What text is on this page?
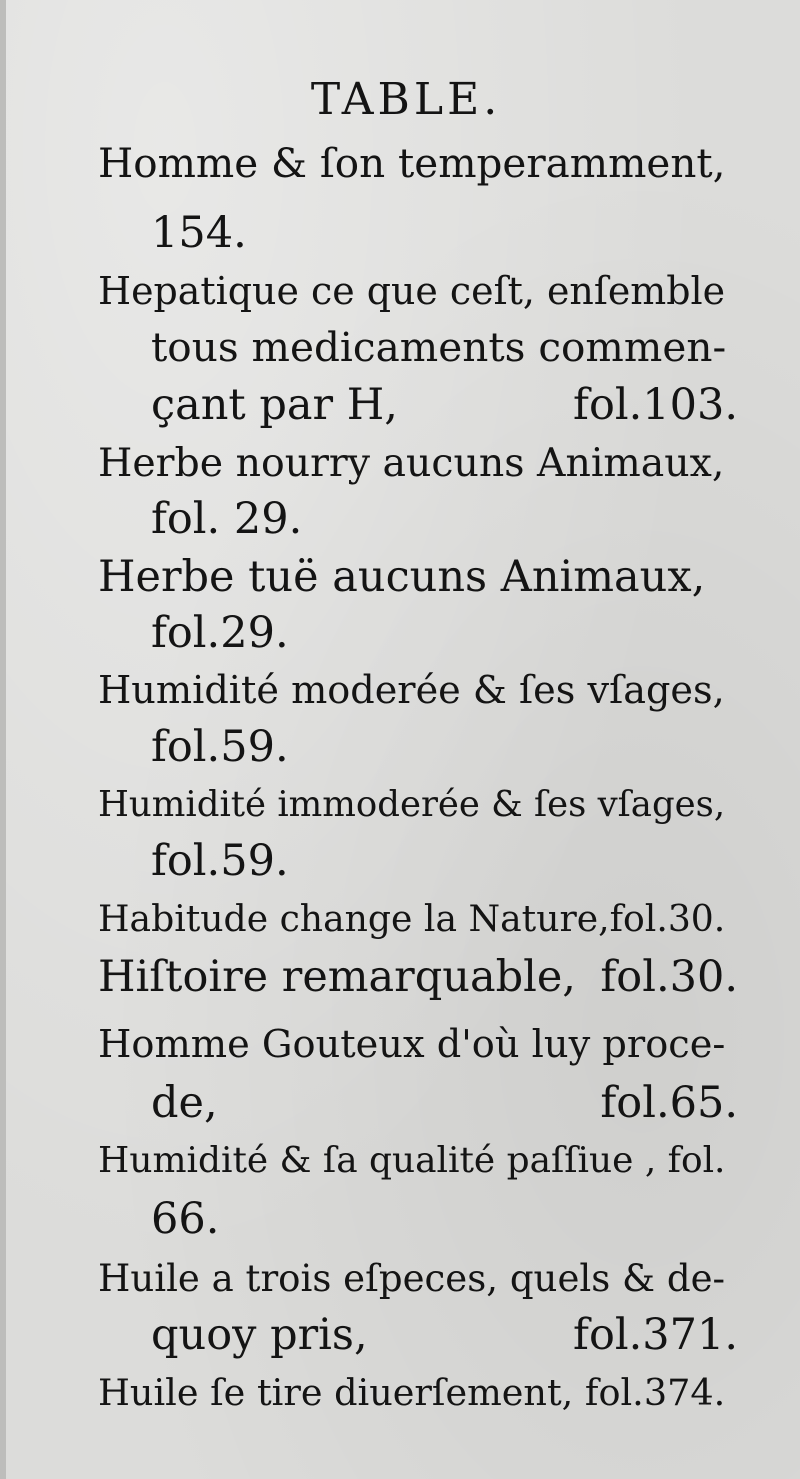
TABLE.
Homme & ſon temperamment,
154.
Hepatique ce que ceſt, enſemble
tous medicaments commen-
çant par H,	fol.103.
Herbe nourry aucuns Animaux,
fol. 29.
Herbe tuë aucuns Animaux,
fol.29.
Humidité moderée & ſes vſages,
fol.59.
Humidité immoderée & ſes vſages,
fol.59.
Habitude change la Nature,fol.30.
Hiſtoire remarquable, fol.30.
Homme Gouteux d'où luy proce-
de,	fol.65.
Humidité & ſa qualité paſſiue , fol.
66.
Huile a trois eſpeces, quels & de-
quoy pris,	fol.371.
Huile ſe tire diuerſement, fol.374.
